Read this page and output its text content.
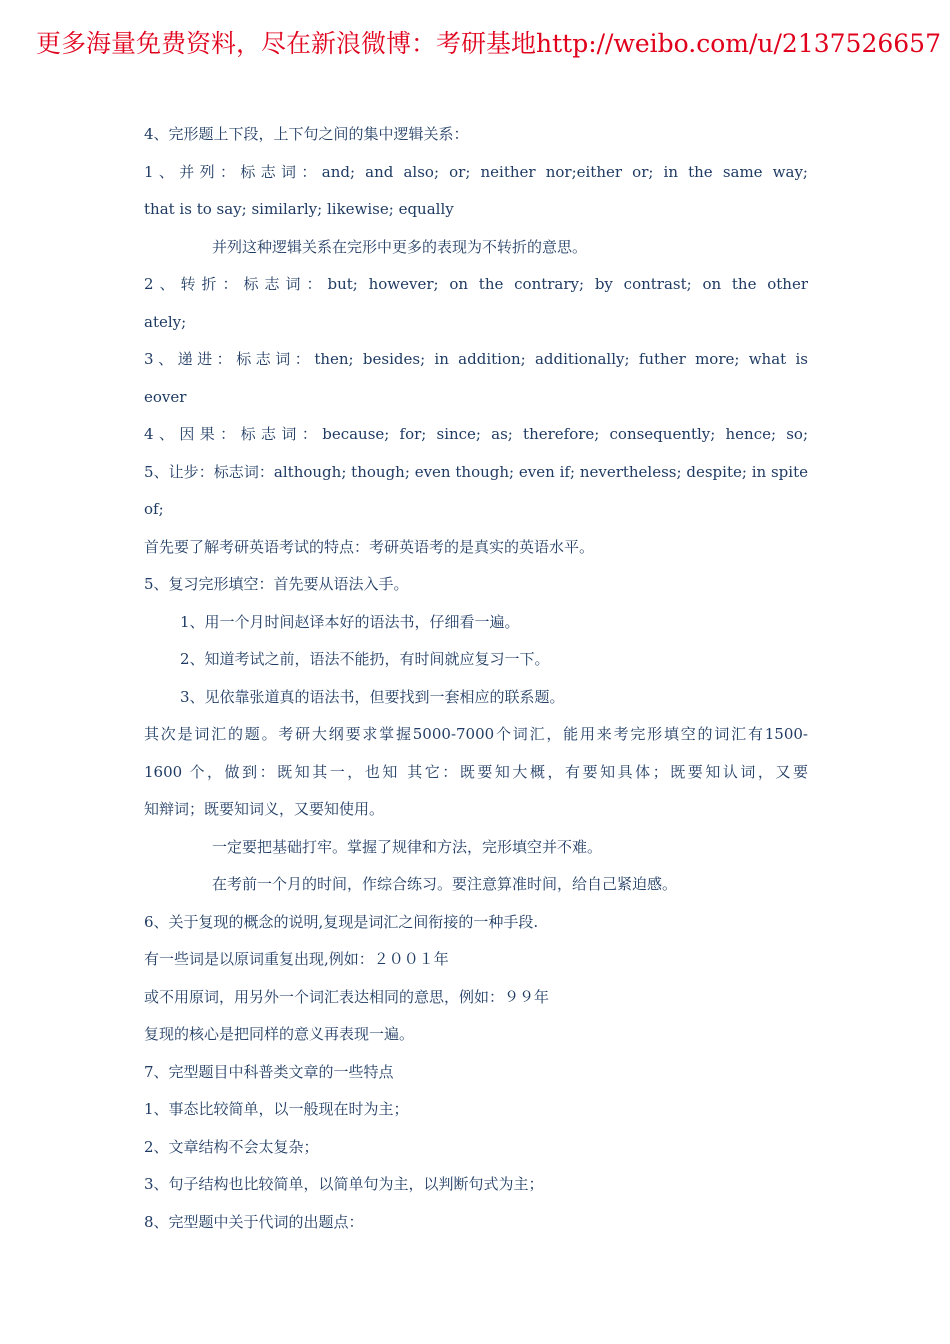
更多海量免费资料，尽在新浪微博：考研基地http://weibo.com/u/2137526657
4、完形题上下段，上下句之间的集中逻辑关系：
1、并列：标志词：and; and also; or; neither nor;either or; in the same way;
that is to say; similarly; likewise; equally
并列这种逻辑关系在完形中更多的表现为不转折的意思。
2、转折：标志词：but; however; on the contrary; by contrast; on the other
ately;
3、递进：标志词：then; besides; in addition; additionally; futher more; what is
eover
4、因果：标志词：because; for; since; as; therefore; consequently; hence; so;
5、让步：标志词：although; though; even though; even if; nevertheless; despite; in spite
of;
首先要了解考研英语考试的特点：考研英语考的是真实的英语水平。
5、复习完形填空：首先要从语法入手。
1、用一个月时间赵译本好的语法书，仔细看一遍。
2、知道考试之前，语法不能扔，有时间就应复习一下。
3、见依靠张道真的语法书，但要找到一套相应的联系题。
其次是词汇的题。考研大纲要求掌握5000-7000个词汇，能用来考完形填空的词汇有1500-
1600 个，做到：既知其一，也知 其它：既要知大概，有要知具体；既要知认词，又要
知辩词；既要知词义，又要知使用。
一定要把基础打牢。掌握了规律和方法，完形填空并不难。
在考前一个月的时间，作综合练习。要注意算准时间，给自己紧迫感。
6、关于复现的概念的说明,复现是词汇之间衔接的一种手段.
有一些词是以原词重复出现,例如：２００１年
或不用原词，用另外一个词汇表达相同的意思，例如：９９年
复现的核心是把同样的意义再表现一遍。
7、完型题目中科普类文章的一些特点
1、事态比较简单，以一般现在时为主；
2、文章结构不会太复杂；
3、句子结构也比较简单，以简单句为主，以判断句式为主；
8、完型题中关于代词的出题点：
